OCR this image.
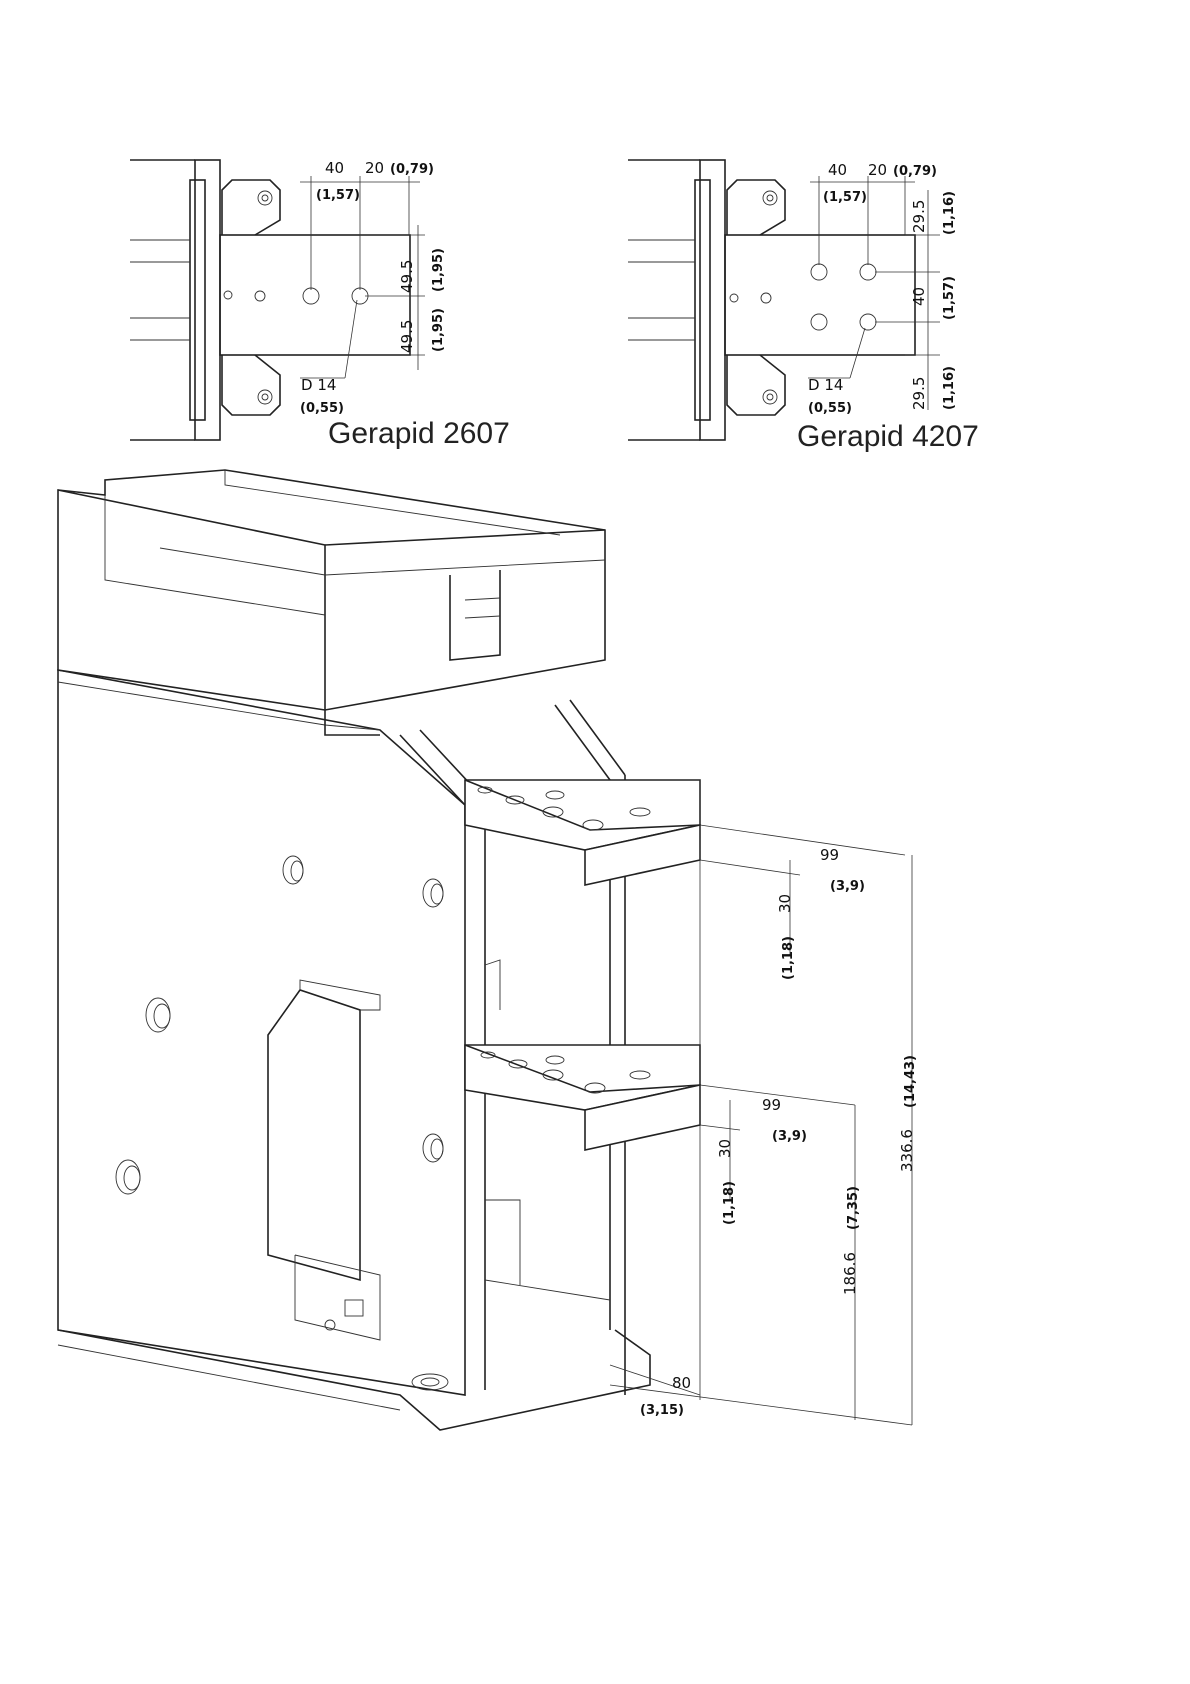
40 20 (0,79)
(1,57)
49.5 (1,95)
49.5 (1,95)
D 14
(0,55)
Gerapid 2607
40 20 (0,79)
(1,57)
29.5 (1,16)
40 (1,57)
29.5 (1,16)
D 14
(0,55)
Gerapid 4207
99
(3,9)
30
(1,18)
99
(3,9)
30
(1,18)
186.6
(7,35)
336.6
(14,43)
80
(3,15)
